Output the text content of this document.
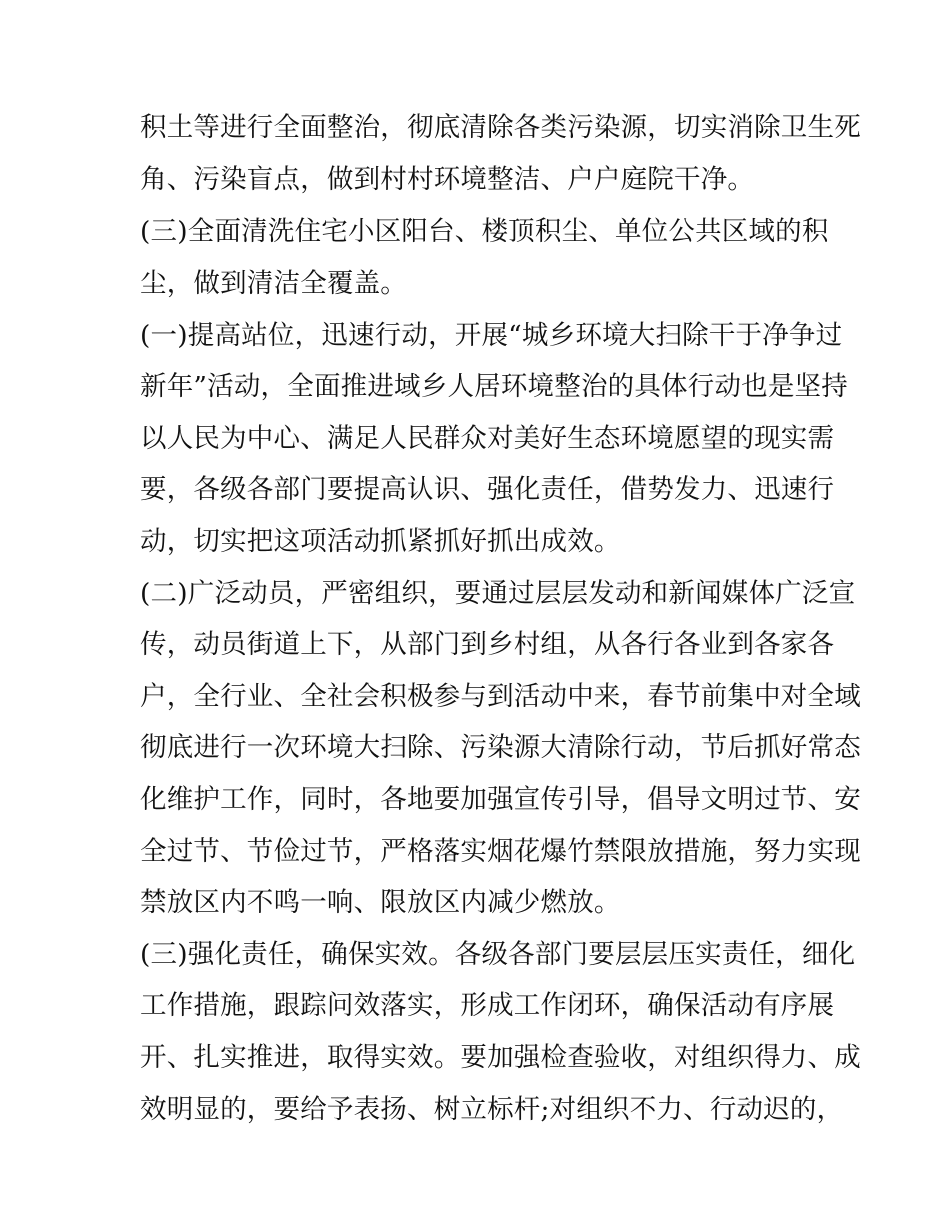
积土等进行全面整治，彻底清除各类污染源，切实消除卫生死
角、污染盲点，做到村村环境整洁、户户庭院干净。
(三)全面清洗住宅小区阳台、楼顶积尘、单位公共区域的积
尘，做到清洁全覆盖。
(一)提高站位，迅速行动，开展“城乡环境大扫除干于净争过
新年”活动，全面推进域乡人居环境整治的具体行动也是坚持
以人民为中心、满足人民群众对美好生态环境愿望的现实需
要，各级各部门要提高认识、强化责任，借势发力、迅速行
动，切实把这项活动抓紧抓好抓出成效。
(二)广泛动员，严密组织，要通过层层发动和新闻媒体广泛宣
传，动员街道上下，从部门到乡村组，从各行各业到各家各
户，全行业、全社会积极参与到活动中来，春节前集中对全域
彻底进行一次环境大扫除、污染源大清除行动，节后抓好常态
化维护工作，同时，各地要加强宣传引导，倡导文明过节、安
全过节、节俭过节，严格落实烟花爆竹禁限放措施，努力实现
禁放区内不鸣一响、限放区内减少燃放。
(三)强化责任，确保实效。各级各部门要层层压实责任，细化
工作措施，跟踪问效落实，形成工作闭环，确保活动有序展
开、扎实推进，取得实效。要加强检查验收，对组织得力、成
效明显的，要给予表扬、树立标杆;对组织不力、行动迟的，
